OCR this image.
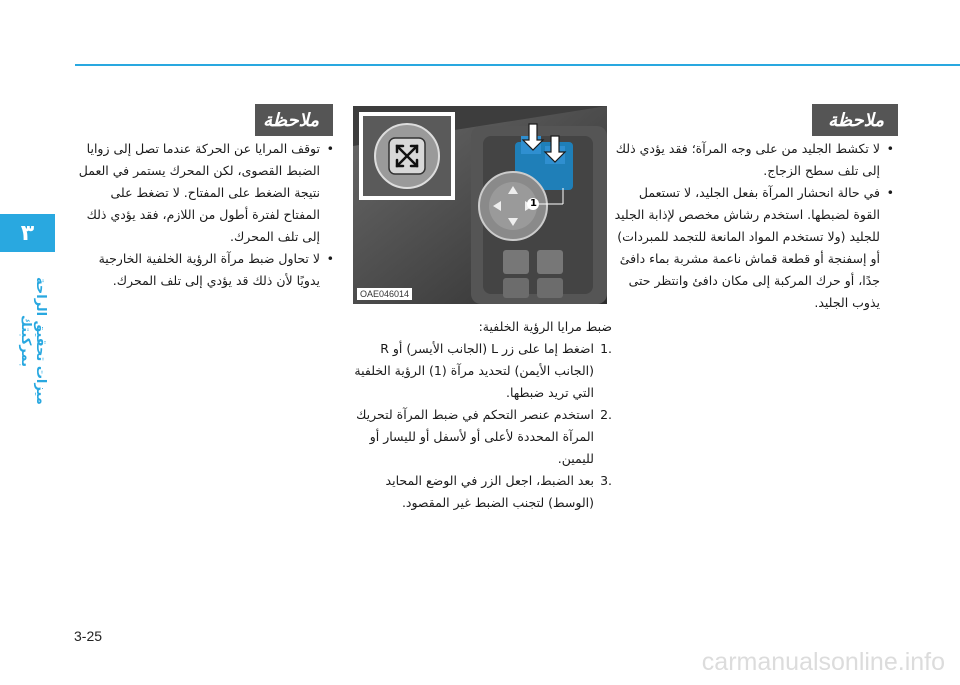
٣
ميزات تحقيق الراحة بمركبتك
ملاحظة
• توقف المرايا عن الحركة عندما تصل إلى زوايا الضبط القصوى، لكن المحرك يستمر في العمل نتيجة الضغط على المفتاح. لا تضغط على المفتاح لفترة أطول من اللازم، فقد يؤدي ذلك إلى تلف المحرك.
• لا تحاول ضبط مرآة الرؤية الخلفية الخارجية يدويًا لأن ذلك قد يؤدي إلى تلف المحرك.
1
OAE046014

ضبط مرايا الرؤية الخلفية:

.1
اضغط إما على زر L (الجانب الأيسر) أو R (الجانب الأيمن) لتحديد مرآة (1) الرؤية الخلفية التي تريد ضبطها.
.2
استخدم عنصر التحكم في ضبط المرآة لتحريك المرآة المحددة لأعلى أو لأسفل أو لليسار أو لليمين.
.3
بعد الضبط، اجعل الزر في الوضع المحايد (الوسط) لتجنب الضبط غير المقصود.
ملاحظة
• لا تكشط الجليد من على وجه المرآة؛ فقد يؤدي ذلك إلى تلف سطح الزجاج.
• في حالة انحشار المرآة بفعل الجليد، لا تستعمل القوة لضبطها. استخدم رشاش مخصص لإذابة الجليد للجليد (ولا تستخدم المواد المانعة للتجمد للمبردات) أو إسفنجة أو قطعة قماش ناعمة مشربة بماء دافئ جدًا، أو حرك المركبة إلى مكان دافئ وانتظر حتى يذوب الجليد.
3-25
carmanualsonline.info
